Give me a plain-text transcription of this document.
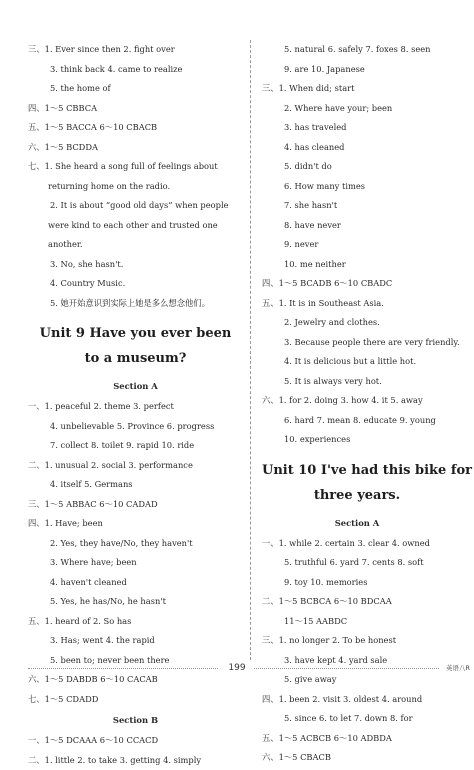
三、1. Ever since then 2. fight over
3. think back 4. came to realize
5. the home of
四、1～5 CBBCA
五、1～5 BACCA 6～10 CBACB
六、1～5 BCDDA
七、1. She heard a song full of feelings about
returning home on the radio.
2. It is about “good old days” when people
were kind to each other and trusted one
another.
3. No, she hasn't.
4. Country Music.
5. 她开始意识到实际上她是多么想念他们。
Unit 9 Have you ever been
to a museum?
Section A
一、1. peaceful 2. theme 3. perfect
4. unbelievable 5. Province 6. progress
7. collect 8. toilet 9. rapid 10. ride
二、1. unusual 2. social 3. performance
4. itself 5. Germans
三、1～5 ABBAC 6～10 CADAD
四、1. Have; been
2. Yes, they have/No, they haven't
3. Where have; been
4. haven't cleaned
5. Yes, he has/No, he hasn't
五、1. heard of 2. So has
3. Has; went 4. the rapid
5. been to; never been there
六、1～5 DABDB 6～10 CACAB
七、1～5 CDADD
Section B
一、1～5 DCAAA 6～10 CCACD
二、1. little 2. to take 3. getting 4. simply
5. natural 6. safely 7. foxes 8. seen
9. are 10. Japanese
三、1. When did; start
2. Where have your; been
3. has traveled
4. has cleaned
5. didn't do
6. How many times
7. she hasn't
8. have never
9. never
10. me neither
四、1～5 BCADB 6～10 CBADC
五、1. It is in Southeast Asia.
2. Jewelry and clothes.
3. Because people there are very friendly.
4. It is delicious but a little hot.
5. It is always very hot.
六、1. for 2. doing 3. how 4. it 5. away
6. hard 7. mean 8. educate 9. young
10. experiences
Unit 10 I've had this bike for
three years.
Section A
一、1. while 2. certain 3. clear 4. owned
5. truthful 6. yard 7. cents 8. soft
9. toy 10. memories
二、1～5 BCBCA 6～10 BDCAA
11～15 AABDC
三、1. no longer 2. To be honest
3. have kept 4. yard sale
5. give away
四、1. been 2. visit 3. oldest 4. around
5. since 6. to let 7. down 8. for
五、1～5 ACBCB 6～10 ADBDA
六、1～5 CBACB
199	英语八R
